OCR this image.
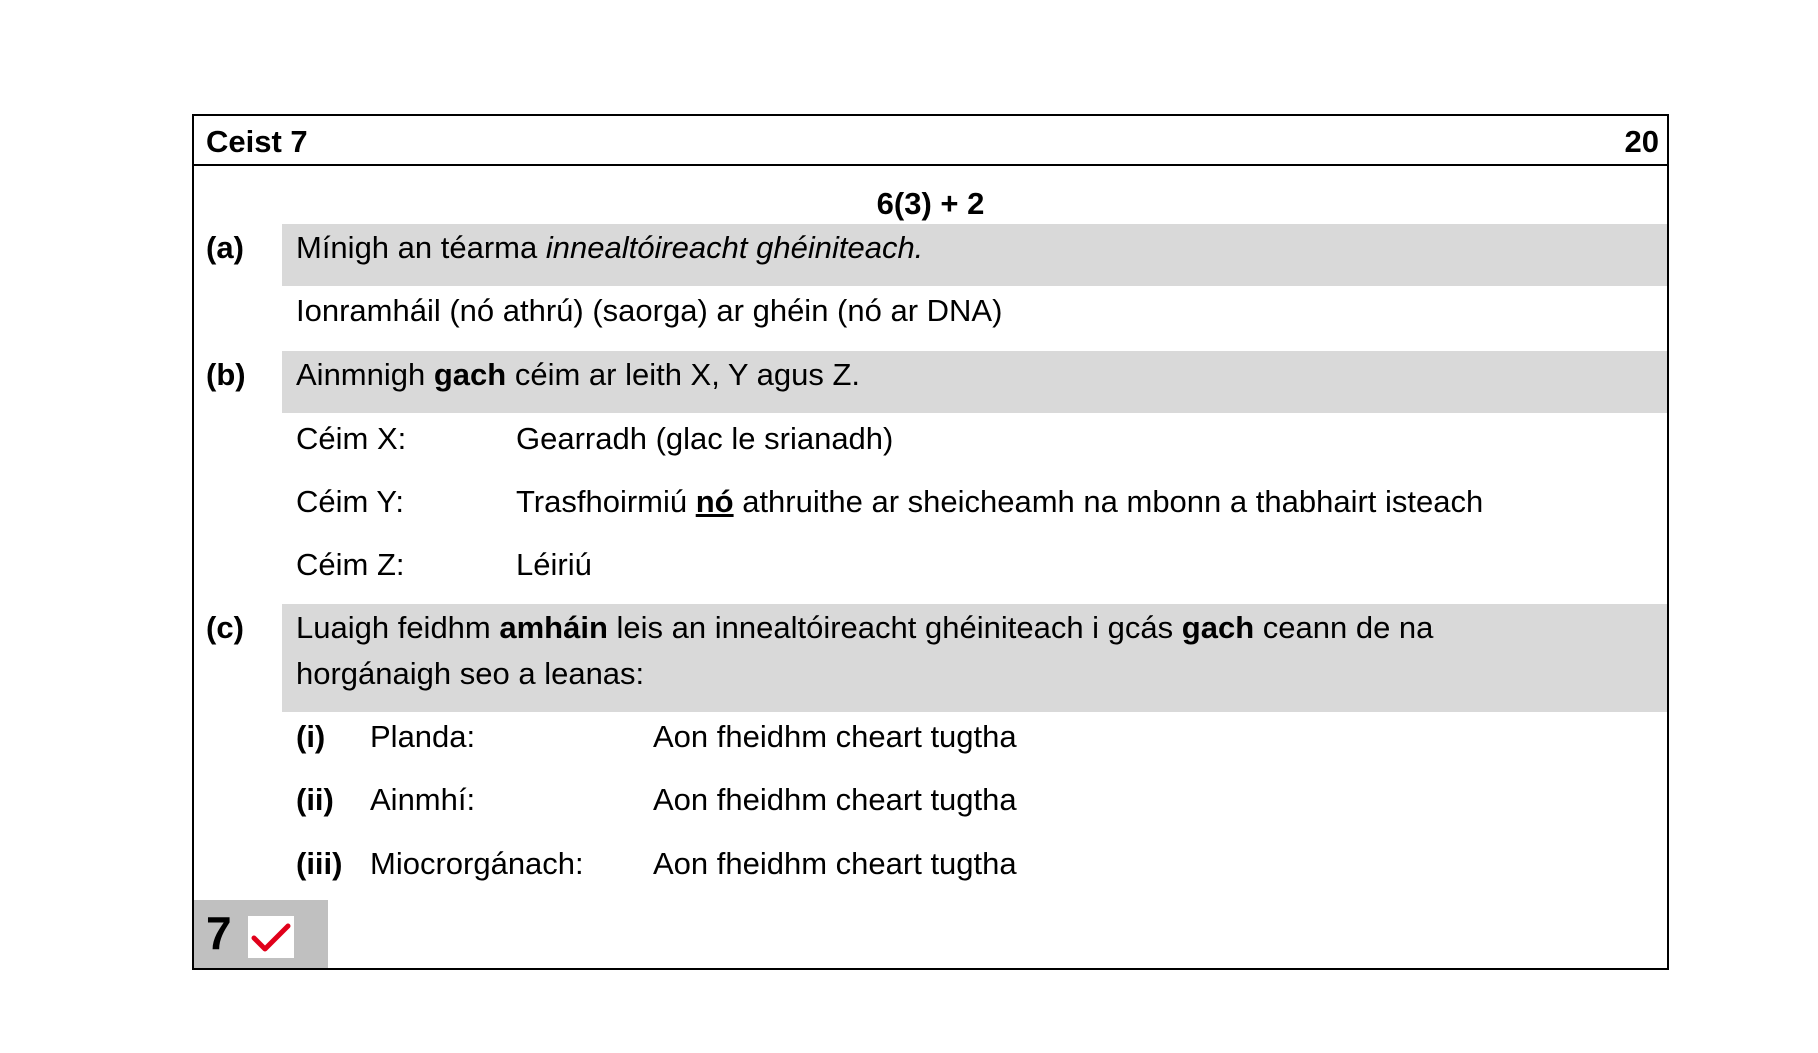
Ceist 7	20
6(3) + 2
(a) Mínigh an téarma innealtóireacht ghéiniteach.
Ionramháil (nó athrú) (saorga) ar ghéin (nó ar DNA)
(b) Ainmnigh gach céim ar leith X, Y agus Z.
Céim X:	Gearradh (glac le srianadh)
Céim Y:	Trasfhoirmiú nó athruithe ar sheicheamh na mbonn a thabhairt isteach
Céim Z:	Léiriú
(c) Luaigh feidhm amháin leis an innealtóireacht ghéiniteach i gcás gach ceann de na
horgánaigh seo a leanas:
(i) Planda:	Aon fheidhm cheart tugtha
(ii) Ainmhí:	Aon fheidhm cheart tugtha
(iii) Miocrorgánach: Aon fheidhm cheart tugtha
7
